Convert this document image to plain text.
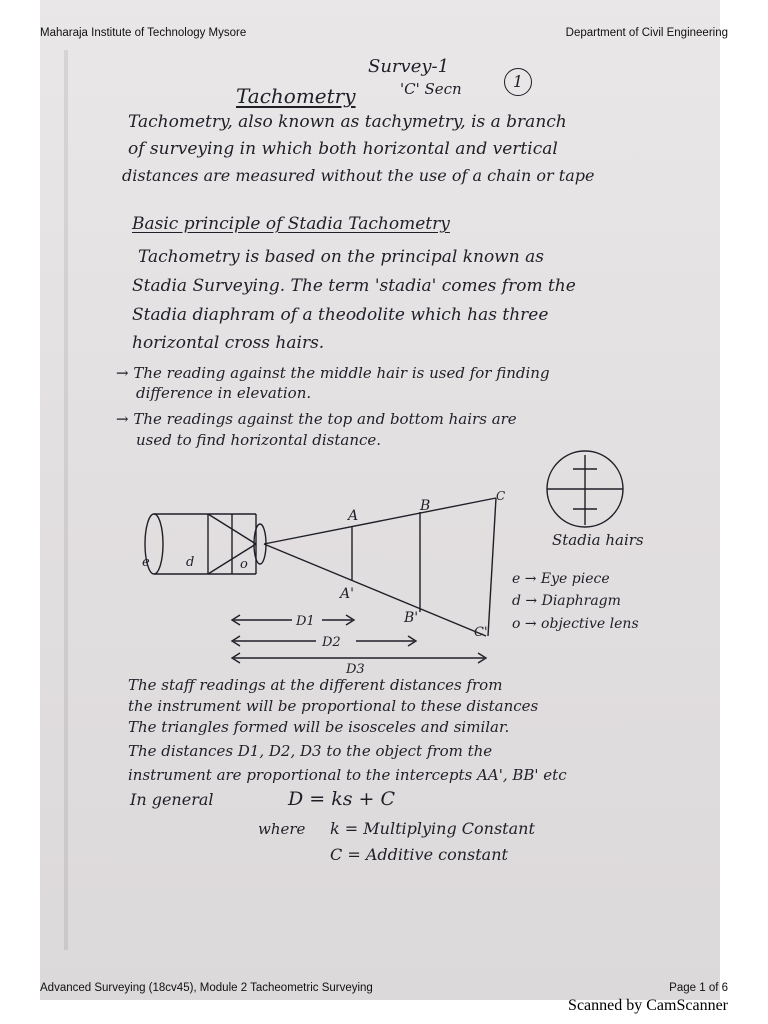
Maharaja Institute of Technology Mysore	Department of Civil Engineering
Survey-1
'C' Secn	1
Tachometry
Tachometry, also known as tachymetry, is a branch
of surveying in which both horizontal and vertical
distances are measured without the use of a chain or tape
Basic principle of Stadia Tachometry
Tachometry is based on the principal known as
Stadia Surveying. The term 'stadia' comes from the
Stadia diaphram of a theodolite which has three
horizontal cross hairs.
→ The reading against the middle hair is used for finding
difference in elevation.
→ The readings against the top and bottom hairs are
used to find horizontal distance.
e	d	o
A
B
C
A'
B'
C'
D1
D2
D3
Stadia hairs
e → Eye piece
d → Diaphragm
o → objective lens
The staff readings at the different distances from
the instrument will be proportional to these distances
The triangles formed will be isosceles and similar.
The distances D1, D2, D3 to the object from the
instrument are proportional to the intercepts AA', BB' etc
In general	D = ks + C
where k = Multiplying Constant
C = Additive constant
Advanced Surveying (18cv45), Module 2 Tacheometric Surveying	Page 1 of 6
Scanned by CamScanner
